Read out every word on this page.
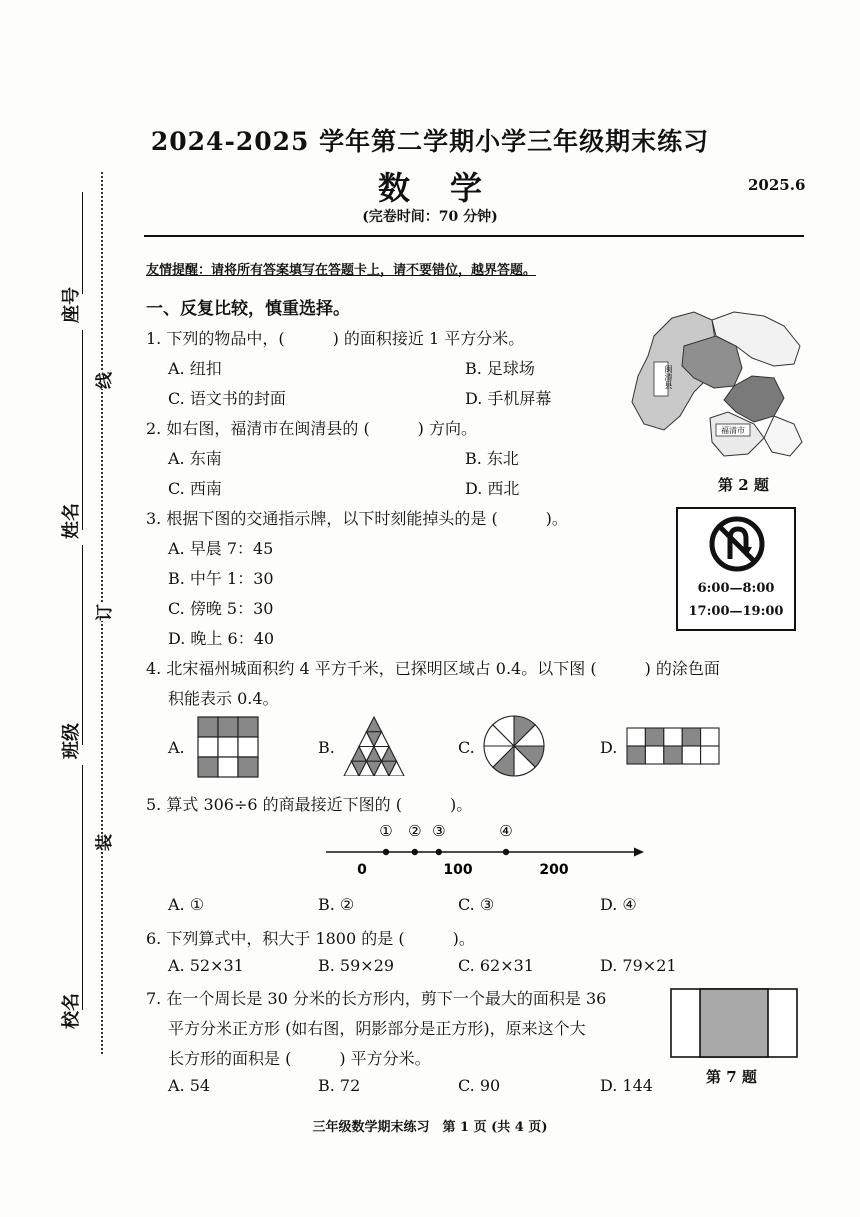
座号
姓名
班级
校名
线
订
装
2024-2025 学年第二学期小学三年级期末练习
数学	2025.6
(完卷时间：70 分钟)
友情提醒：请将所有答案填写在答题卡上，请不要错位，越界答题。
一、反复比较，慎重选择。
1. 下列的物品中，(　　　) 的面积接近 1 平方分米。
A. 纽扣	B. 足球场
C. 语文书的封面	D. 手机屏幕
2. 如右图，福清市在闽清县的 (　　　) 方向。
A. 东南	B. 东北
C. 西南	D. 西北
闽清县
福清市
第 2 题
3. 根据下图的交通指示牌，以下时刻能掉头的是 (　　　)。
A. 早晨 7：45
B. 中午 1：30
C. 傍晚 5：30
D. 晚上 6：40
6:00—8:00
17:00—19:00
4. 北宋福州城面积约 4 平方千米，已探明区域占 0.4。以下图 (　　　) 的涂色面
积能表示 0.4。
A.	B.	C.	D.
5. 算式 306÷6 的商最接近下图的 (　　　)。
0	100	200
① ② ③	④
A. ①	B. ②	C. ③	D. ④
6. 下列算式中，积大于 1800 的是 (　　　)。
A. 52×31	B. 59×29	C. 62×31	D. 79×21
7. 在一个周长是 30 分米的长方形内，剪下一个最大的面积是 36
平方分米正方形 (如右图，阴影部分是正方形)，原来这个大
长方形的面积是 (　　　) 平方分米。
A. 54	B. 72	C. 90	D. 144	第 7 题
三年级数学期末练习　第 1 页 (共 4 页)
